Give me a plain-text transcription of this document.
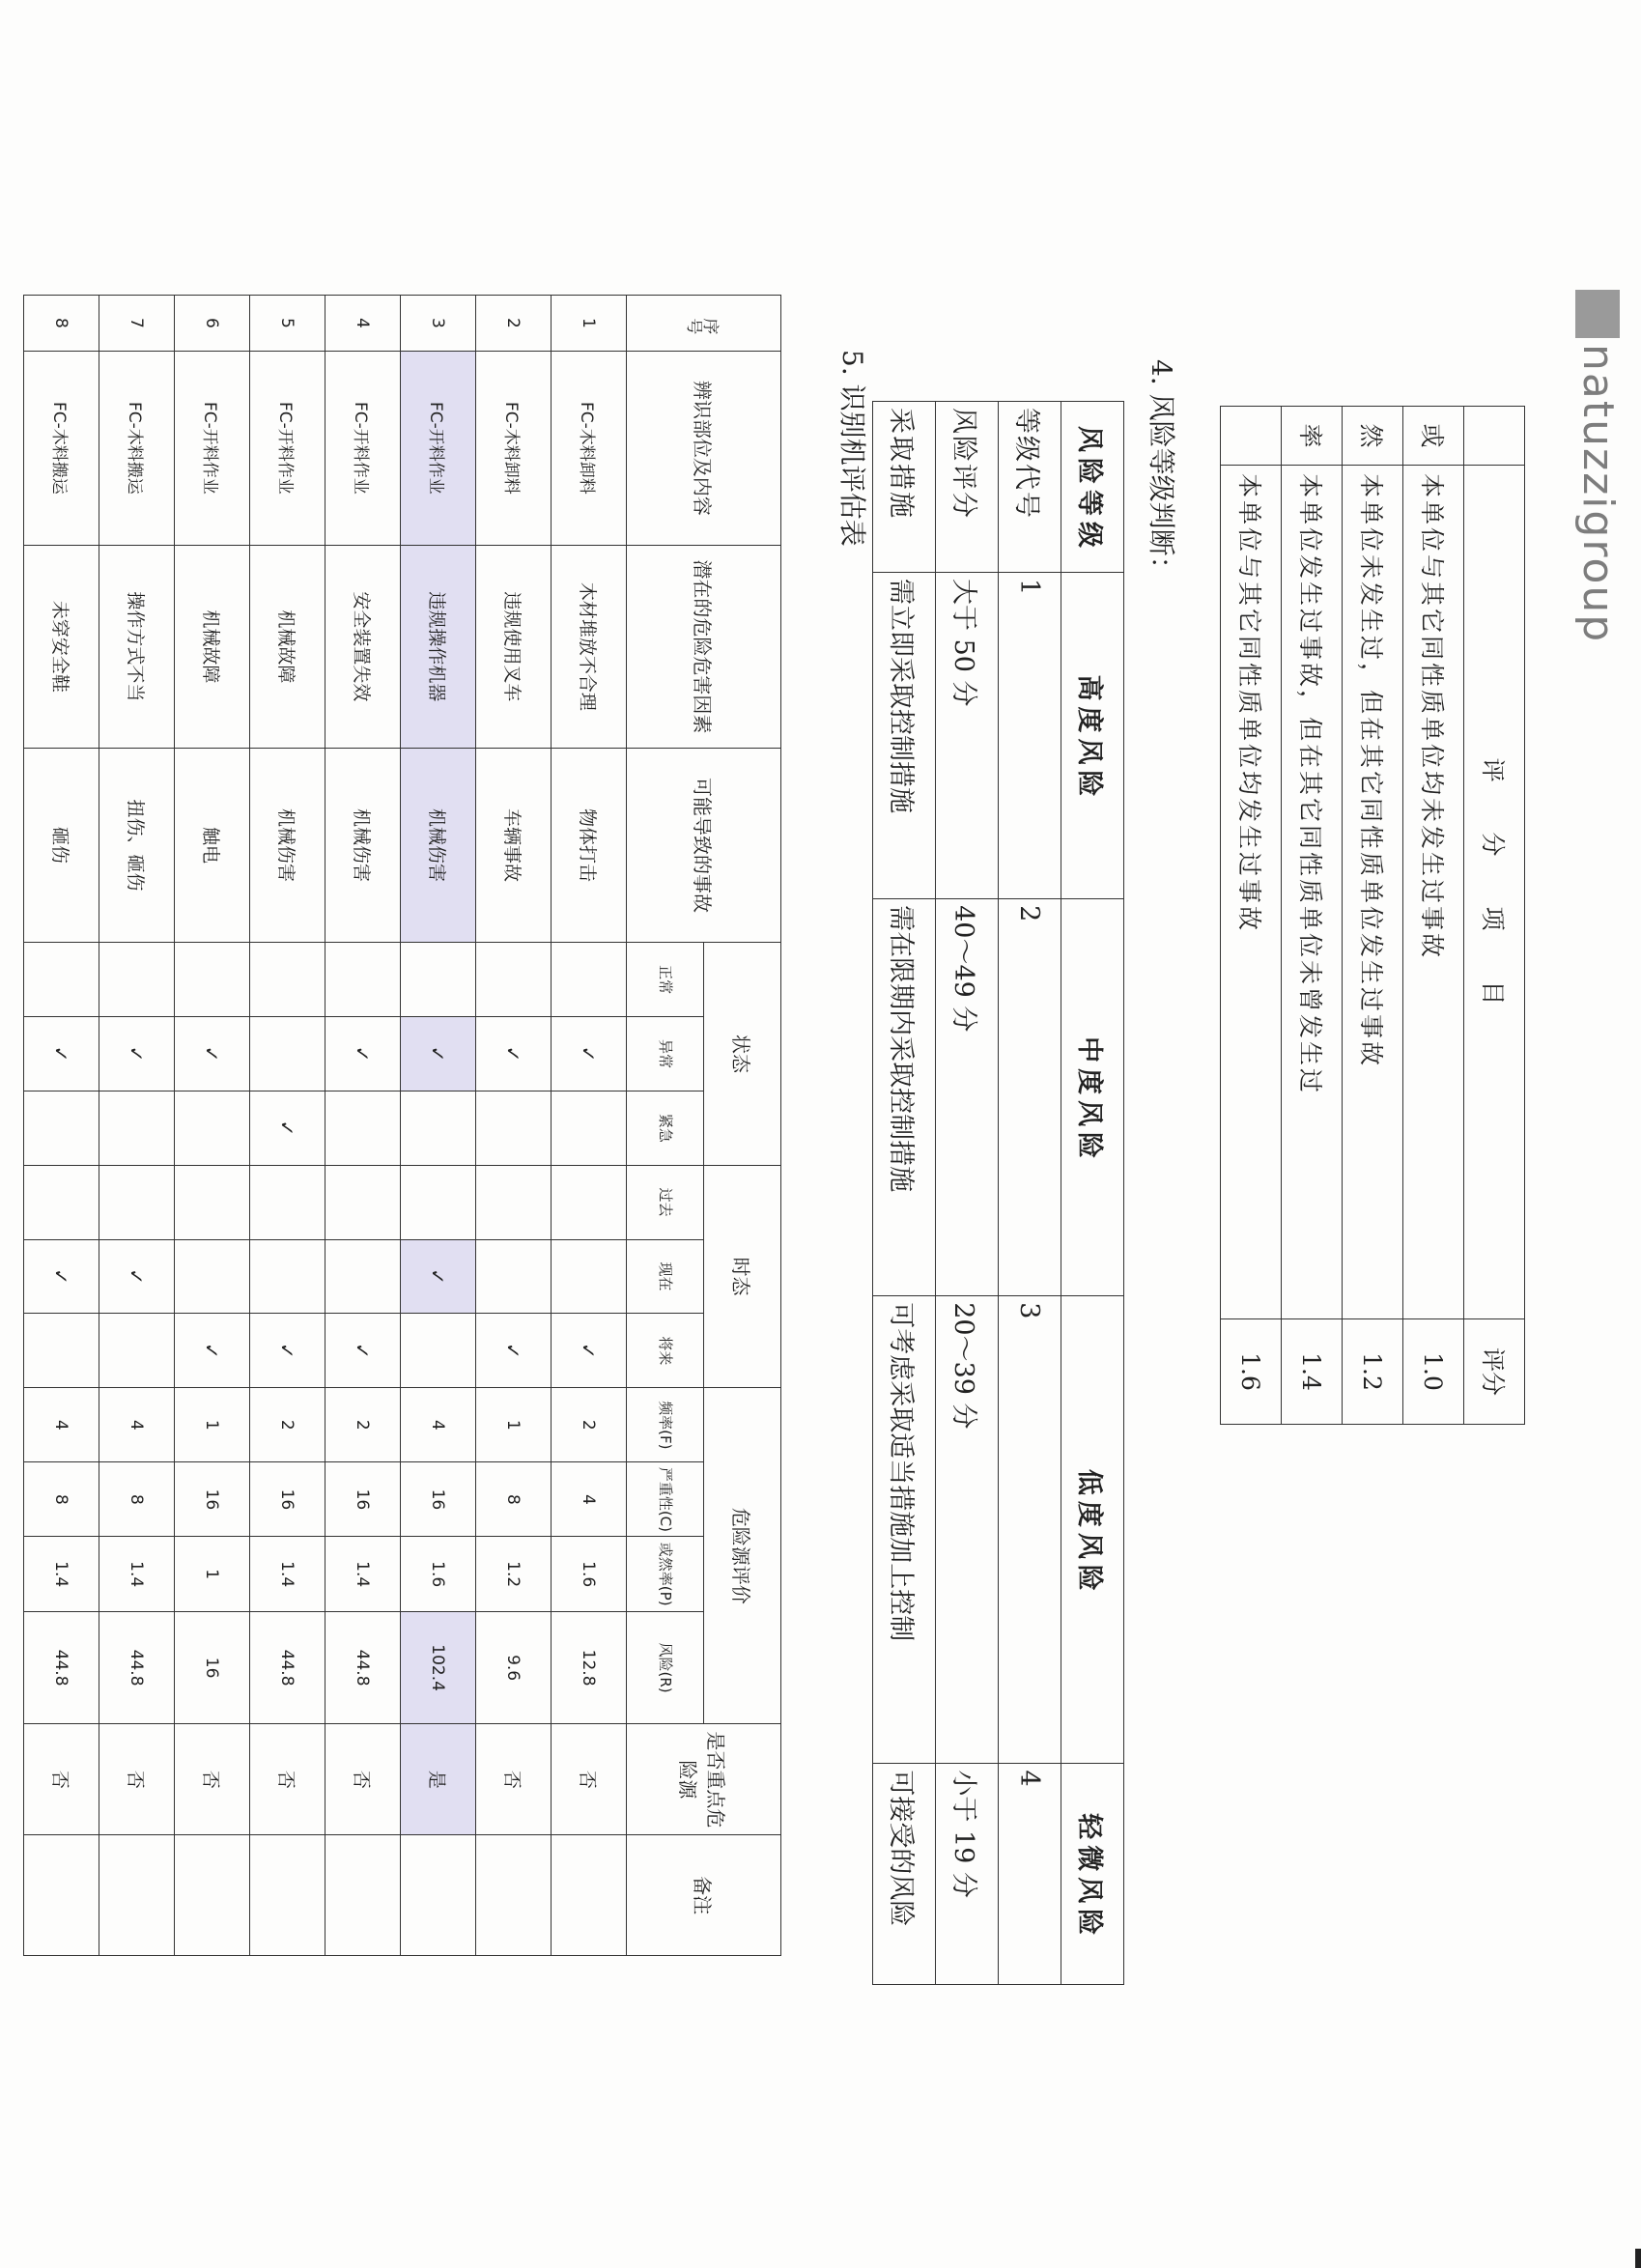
natuzzigroup
	评 分 项 目	评分
或	本单位与其它同性质单位均未发生过事故	1.0
然	本单位未发生过，但在其它同性质单位发生过事故	1.2
率	本单位发生过事故，但在其它同性质单位未曾发生过	1.4
	本单位与其它同性质单位均发生过事故	1.6
4. 风险等级判断：
风险等级	高度风险	中度风险	低度风险	轻微风险
等级代号	1	2	3	4
风险评分	大于 50 分	40～49 分	20～39 分	小于 19 分
采取措施	需立即采取控制措施	需在限期内采取控制措施	可考虑采取适当措施加上控制	可接受的风险
5. 识别机评估表
序号	辨识部位及内容	潜在的危险危害因素	可能导致的事故	状态			时态			危险源评价				是否重点危险源	备注
				正常	异常	紧急	过去	现在	将来	频率(F)	严重性(C)	或然率(P)	风险(R)		
1	FC-木料卸料	木材堆放不合理	物体打击		✓				✓	2	4	1.6	12.8	否	
2	FC-木料卸料	违规使用叉车	车辆事故		✓				✓	1	8	1.2	9.6	否	
3	FC-开料作业	违规操作机器	机械伤害		✓			✓		4	16	1.6	102.4	是	
4	FC-开料作业	安全装置失效	机械伤害		✓				✓	2	16	1.4	44.8	否	
5	FC-开料作业	机械故障	机械伤害			✓			✓	2	16	1.4	44.8	否	
6	FC-开料作业	机械故障	触电		✓				✓	1	16	1	16	否	
7	FC-木料搬运	操作方式不当	扭伤、砸伤		✓			✓		4	8	1.4	44.8	否	
8	FC-木料搬运	未穿安全鞋	砸伤		✓			✓		4	8	1.4	44.8	否	
